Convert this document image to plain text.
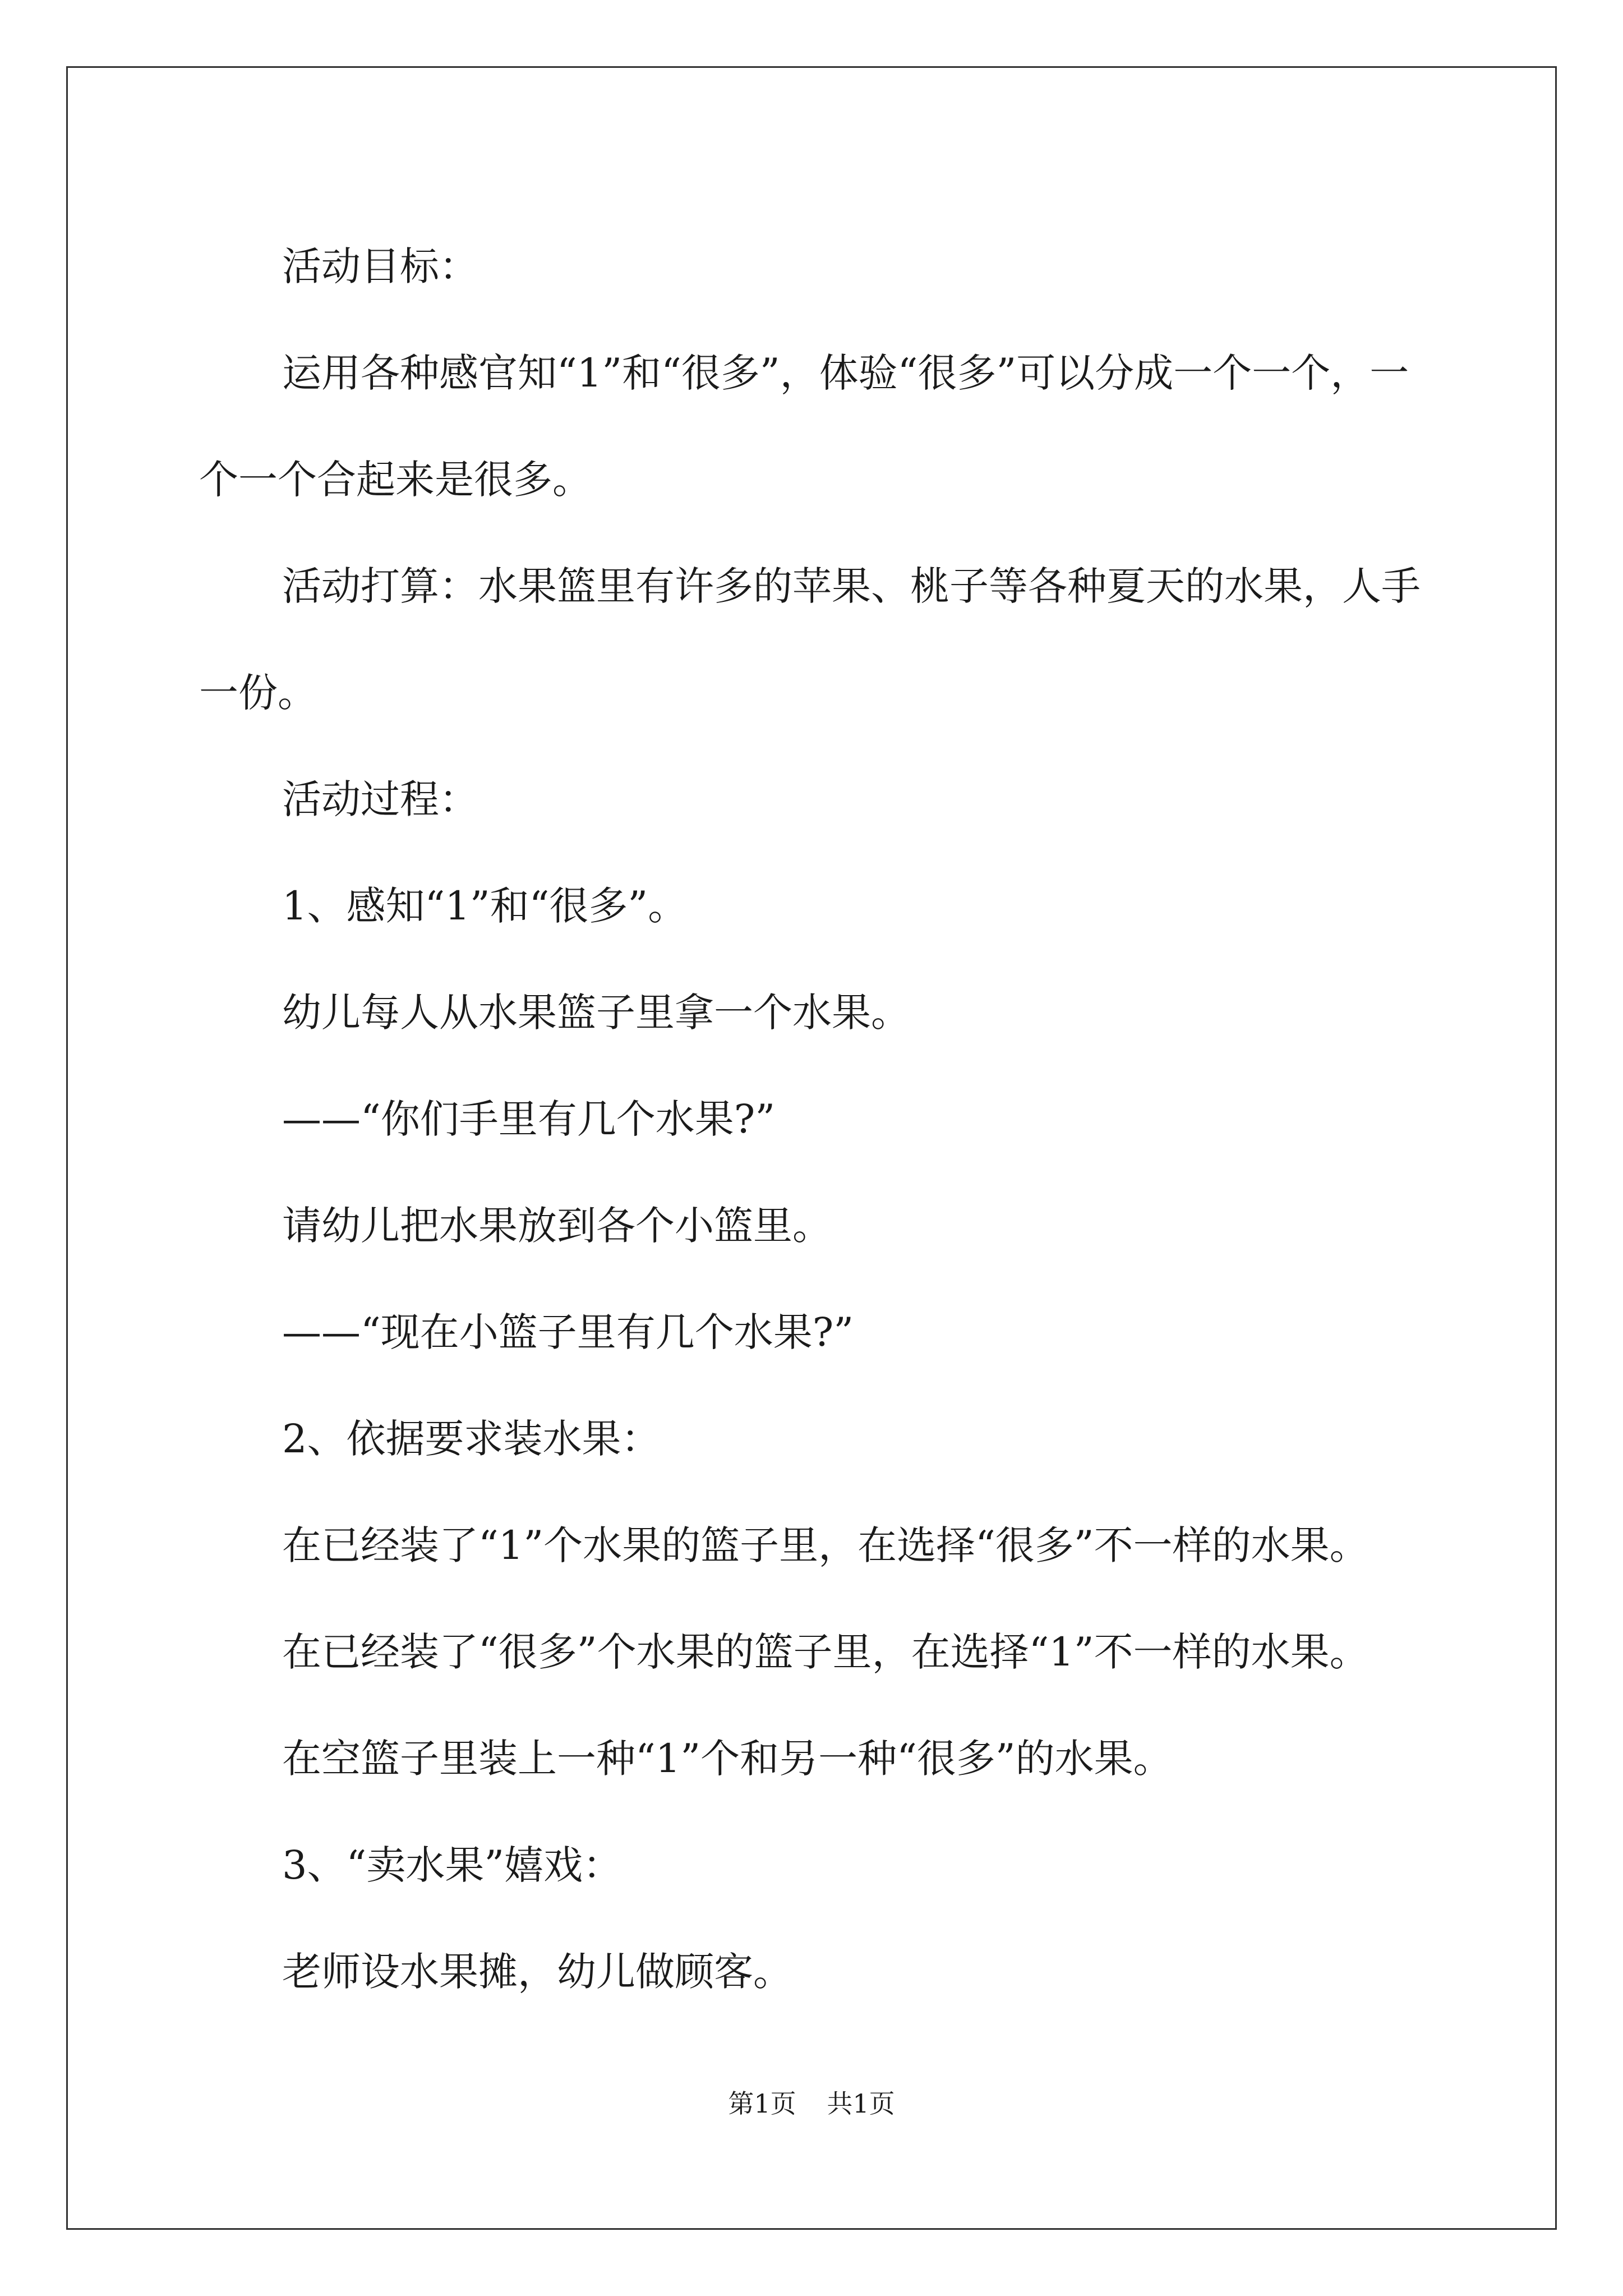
活动目标：

运用各种感官知“1”和“很多”，体验“很多”可以分成一个一个，一个一个合起来是很多。

活动打算：水果篮里有许多的苹果、桃子等各种夏天的水果，人手一份。

活动过程：

1、感知“1”和“很多”。

幼儿每人从水果篮子里拿一个水果。

——“你们手里有几个水果?”

请幼儿把水果放到各个小篮里。

——“现在小篮子里有几个水果?”

2、依据要求装水果：

在已经装了“1”个水果的篮子里，在选择“很多”不一样的水果。

在已经装了“很多”个水果的篮子里，在选择“1”不一样的水果。

在空篮子里装上一种“1”个和另一种“很多”的水果。

3、“卖水果”嬉戏：

老师设水果摊，幼儿做顾客。

第1页 共1页
